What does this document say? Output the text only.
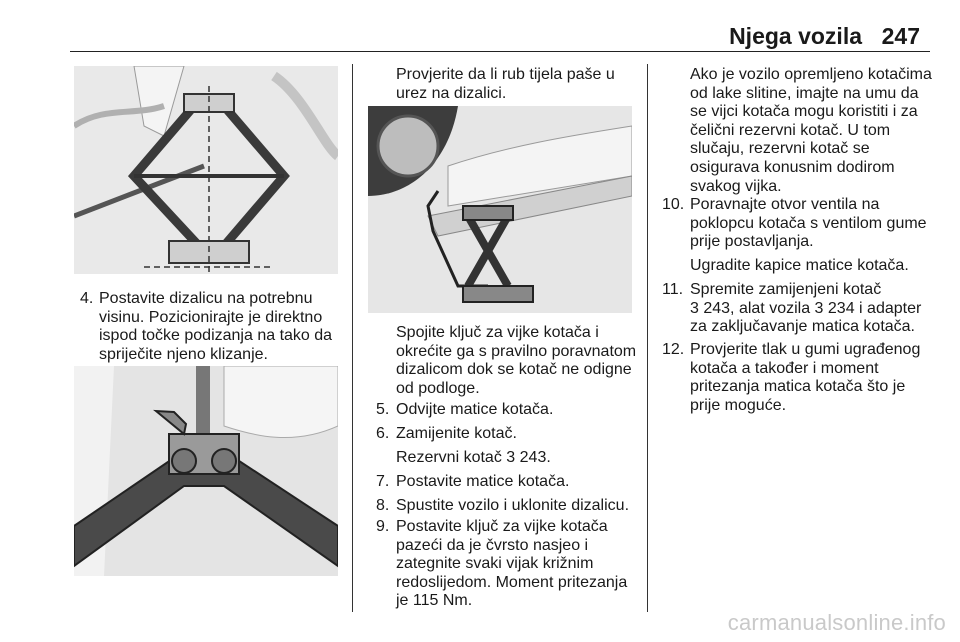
Njega vozila 247
4. Postavite dizalicu na potrebnu
visinu. Pozicionirajte je direktno
ispod točke podizanja na tako da
spriječite njeno klizanje.
Provjerite da li rub tijela paše u
urez na dizalici.
Spojite ključ za vijke kotača i
okrećite ga s pravilno poravnatom
dizalicom dok se kotač ne odigne
od podloge.
5. Odvijte matice kotača.
6. Zamijenite kotač.
Rezervni kotač 3 243.
7. Postavite matice kotača.
8. Spustite vozilo i uklonite dizalicu.
9. Postavite ključ za vijke kotača
pazeći da je čvrsto nasjeo i
zategnite svaki vijak križnim
redoslijedom. Moment pritezanja
je 115 Nm.
Ako je vozilo opremljeno kotačima
od lake slitine, imajte na umu da
se vijci kotača mogu koristiti i za
čelični rezervni kotač. U tom
slučaju, rezervni kotač se
osigurava konusnim dodirom
svakog vijka.
10. Poravnajte otvor ventila na
poklopcu kotača s ventilom gume
prije postavljanja.
Ugradite kapice matice kotača.
11. Spremite zamijenjeni kotač
3 243, alat vozila 3 234 i adapter
za zaključavanje matica kotača.
12. Provjerite tlak u gumi ugrađenog
kotača a također i moment
pritezanja matica kotača što je
prije moguće.
carmanualsonline.info
